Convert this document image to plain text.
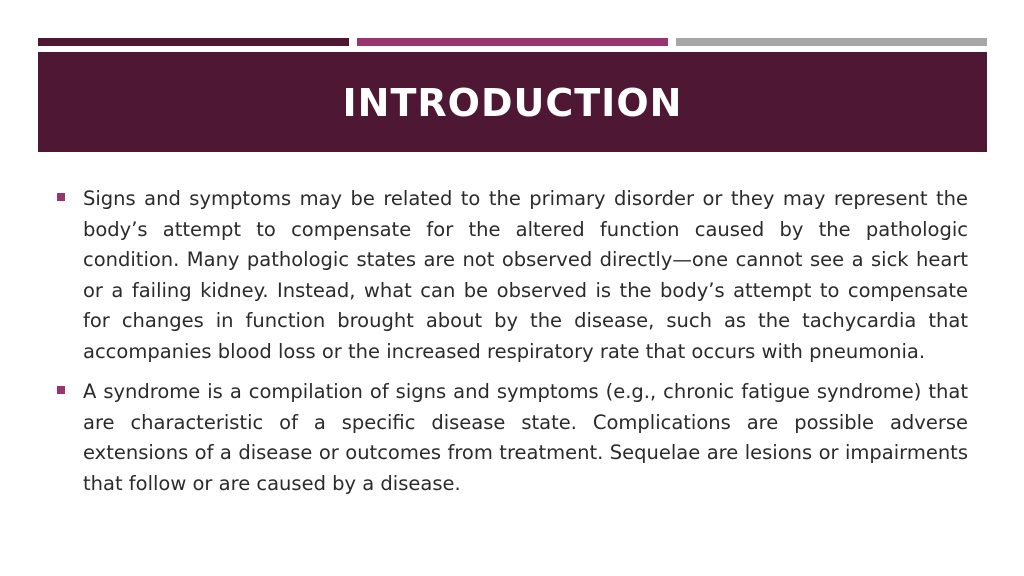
INTRODUCTION

Signs and symptoms may be related to the primary disorder or they may represent the body’s attempt to compensate for the altered function caused by the pathologic condition. Many pathologic states are not observed directly—one cannot see a sick heart or a failing kidney. Instead, what can be observed is the body’s attempt to compensate for changes in function brought about by the disease, such as the tachycardia that accompanies blood loss or the increased respiratory rate that occurs with pneumonia.

A syndrome is a compilation of signs and symptoms (e.g., chronic fatigue syndrome) that are characteristic of a specific disease state. Complications are possible adverse extensions of a disease or outcomes from treatment. Sequelae are lesions or impairments that follow or are caused by a disease.
